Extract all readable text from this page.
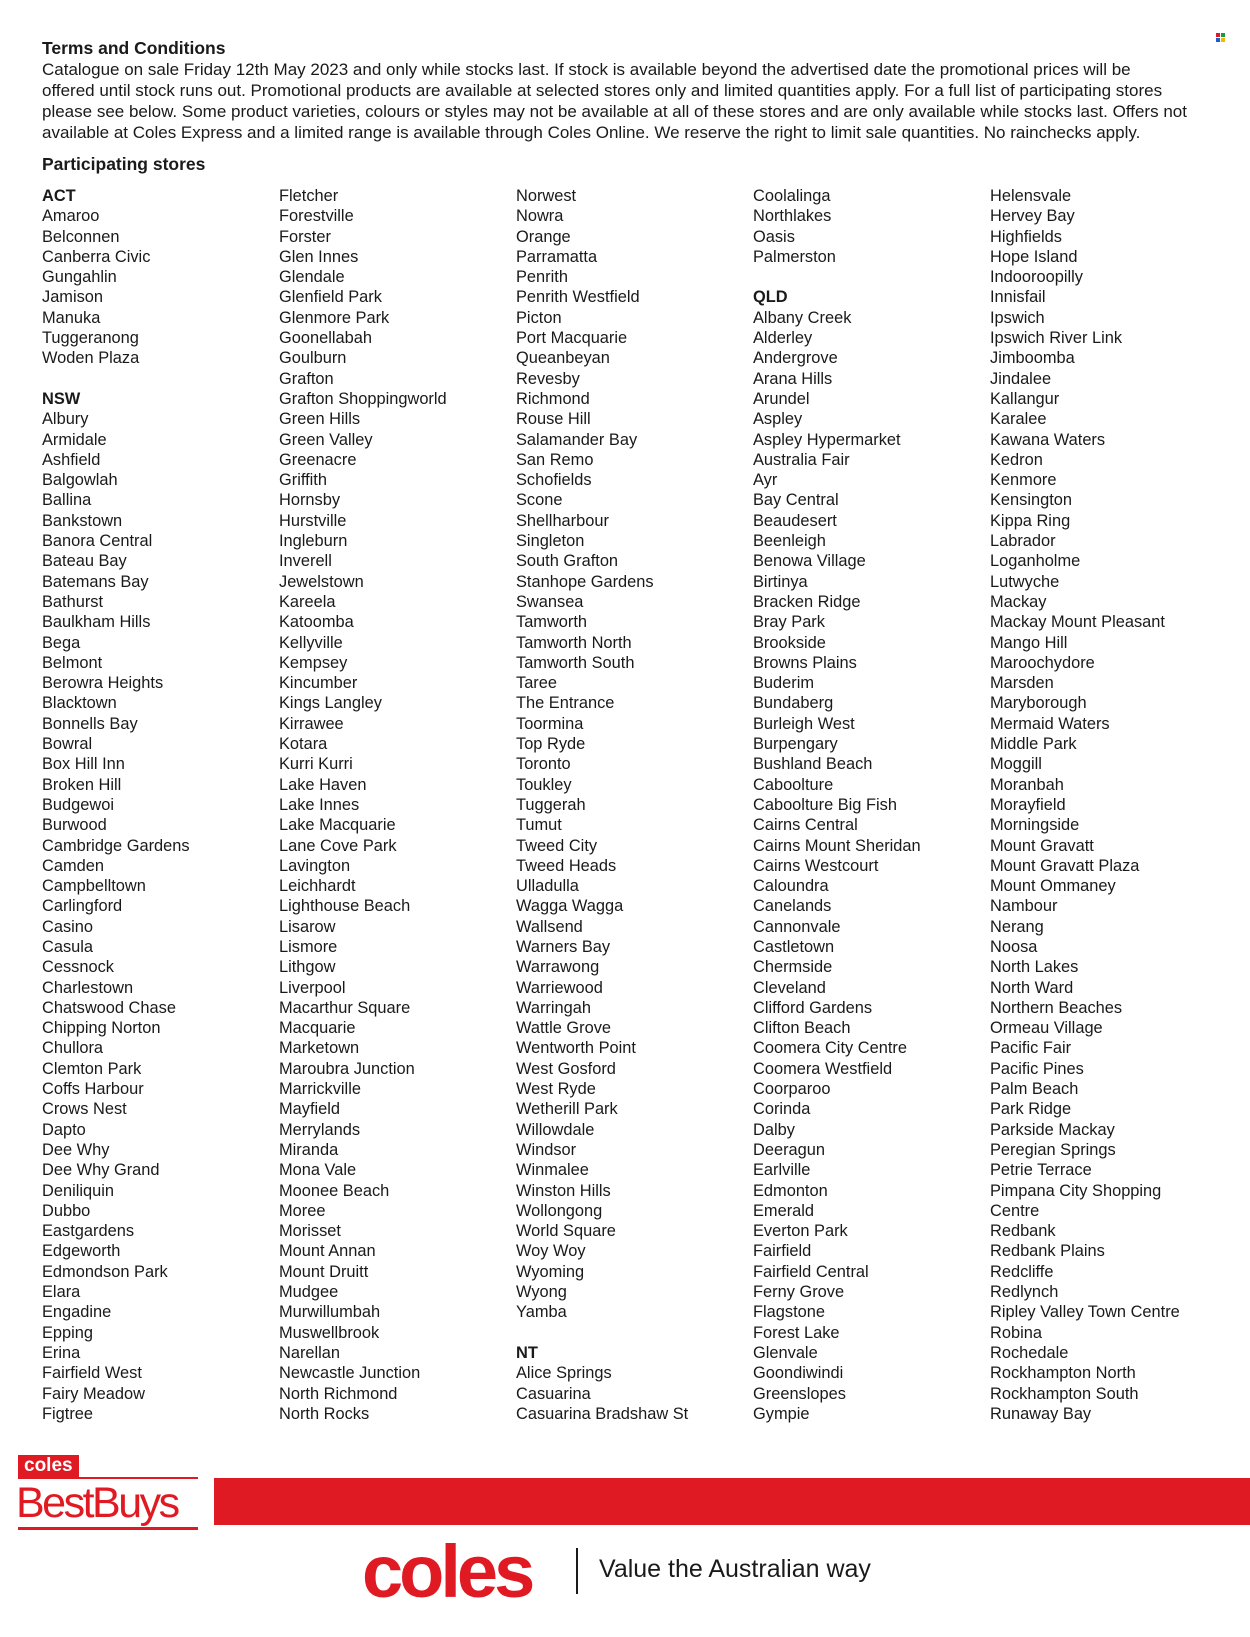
Terms and Conditions

Catalogue on sale Friday 12th May 2023 and only while stocks last. If stock is available beyond the advertised date the promotional prices will be

offered until stock runs out. Promotional products are available at selected stores only and limited quantities apply. For a full list of participating stores

please see below. Some product varieties, colours or styles may not be available at all of these stores and are only available while stocks last. Offers not

available at Coles Express and a limited range is available through Coles Online. We reserve the right to limit sale quantities. No rainchecks apply.

Participating stores
ACT
Amaroo
Belconnen
Canberra Civic
Gungahlin
Jamison
Manuka
Tuggeranong
Woden Plaza
NSW
Albury
Armidale
Ashfield
Balgowlah
Ballina
Bankstown
Banora Central
Bateau Bay
Batemans Bay
Bathurst
Baulkham Hills
Bega
Belmont
Berowra Heights
Blacktown
Bonnells Bay
Bowral
Box Hill Inn
Broken Hill
Budgewoi
Burwood
Cambridge Gardens
Camden
Campbelltown
Carlingford
Casino
Casula
Cessnock
Charlestown
Chatswood Chase
Chipping Norton
Chullora
Clemton Park
Coffs Harbour
Crows Nest
Dapto
Dee Why
Dee Why Grand
Deniliquin
Dubbo
Eastgardens
Edgeworth
Edmondson Park
Elara
Engadine
Epping
Erina
Fairfield West
Fairy Meadow
Figtree
Fletcher
Forestville
Forster
Glen Innes
Glendale
Glenfield Park
Glenmore Park
Goonellabah
Goulburn
Grafton
Grafton Shoppingworld
Green Hills
Green Valley
Greenacre
Griffith
Hornsby
Hurstville
Ingleburn
Inverell
Jewelstown
Kareela
Katoomba
Kellyville
Kempsey
Kincumber
Kings Langley
Kirrawee
Kotara
Kurri Kurri
Lake Haven
Lake Innes
Lake Macquarie
Lane Cove Park
Lavington
Leichhardt
Lighthouse Beach
Lisarow
Lismore
Lithgow
Liverpool
Macarthur Square
Macquarie
Marketown
Maroubra Junction
Marrickville
Mayfield
Merrylands
Miranda
Mona Vale
Moonee Beach
Moree
Morisset
Mount Annan
Mount Druitt
Mudgee
Murwillumbah
Muswellbrook
Narellan
Newcastle Junction
North Richmond
North Rocks
Norwest
Nowra
Orange
Parramatta
Penrith
Penrith Westfield
Picton
Port Macquarie
Queanbeyan
Revesby
Richmond
Rouse Hill
Salamander Bay
San Remo
Schofields
Scone
Shellharbour
Singleton
South Grafton
Stanhope Gardens
Swansea
Tamworth
Tamworth North
Tamworth South
Taree
The Entrance
Toormina
Top Ryde
Toronto
Toukley
Tuggerah
Tumut
Tweed City
Tweed Heads
Ulladulla
Wagga Wagga
Wallsend
Warners Bay
Warrawong
Warriewood
Warringah
Wattle Grove
Wentworth Point
West Gosford
West Ryde
Wetherill Park
Willowdale
Windsor
Winmalee
Winston Hills
Wollongong
World Square
Woy Woy
Wyoming
Wyong
Yamba
NT
Alice Springs
Casuarina
Casuarina Bradshaw St
Coolalinga
Northlakes
Oasis
Palmerston
QLD
Albany Creek
Alderley
Andergrove
Arana Hills
Arundel
Aspley
Aspley Hypermarket
Australia Fair
Ayr
Bay Central
Beaudesert
Beenleigh
Benowa Village
Birtinya
Bracken Ridge
Bray Park
Brookside
Browns Plains
Buderim
Bundaberg
Burleigh West
Burpengary
Bushland Beach
Caboolture
Caboolture Big Fish
Cairns Central
Cairns Mount Sheridan
Cairns Westcourt
Caloundra
Canelands
Cannonvale
Castletown
Chermside
Cleveland
Clifford Gardens
Clifton Beach
Coomera City Centre
Coomera Westfield
Coorparoo
Corinda
Dalby
Deeragun
Earlville
Edmonton
Emerald
Everton Park
Fairfield
Fairfield Central
Ferny Grove
Flagstone
Forest Lake
Glenvale
Goondiwindi
Greenslopes
Gympie
Helensvale
Hervey Bay
Highfields
Hope Island
Indooroopilly
Innisfail
Ipswich
Ipswich River Link
Jimboomba
Jindalee
Kallangur
Karalee
Kawana Waters
Kedron
Kenmore
Kensington
Kippa Ring
Labrador
Loganholme
Lutwyche
Mackay
Mackay Mount Pleasant
Mango Hill
Maroochydore
Marsden
Maryborough
Mermaid Waters
Middle Park
Moggill
Moranbah
Morayfield
Morningside
Mount Gravatt
Mount Gravatt Plaza
Mount Ommaney
Nambour
Nerang
Noosa
North Lakes
North Ward
Northern Beaches
Ormeau Village
Pacific Fair
Pacific Pines
Palm Beach
Park Ridge
Parkside Mackay
Peregian Springs
Petrie Terrace
Pimpana City Shopping
Centre
Redbank
Redbank Plains
Redcliffe
Redlynch
Ripley Valley Town Centre
Robina
Rochedale
Rockhampton North
Rockhampton South
Runaway Bay
coles
BestBuys
coles	Value the Australian way
